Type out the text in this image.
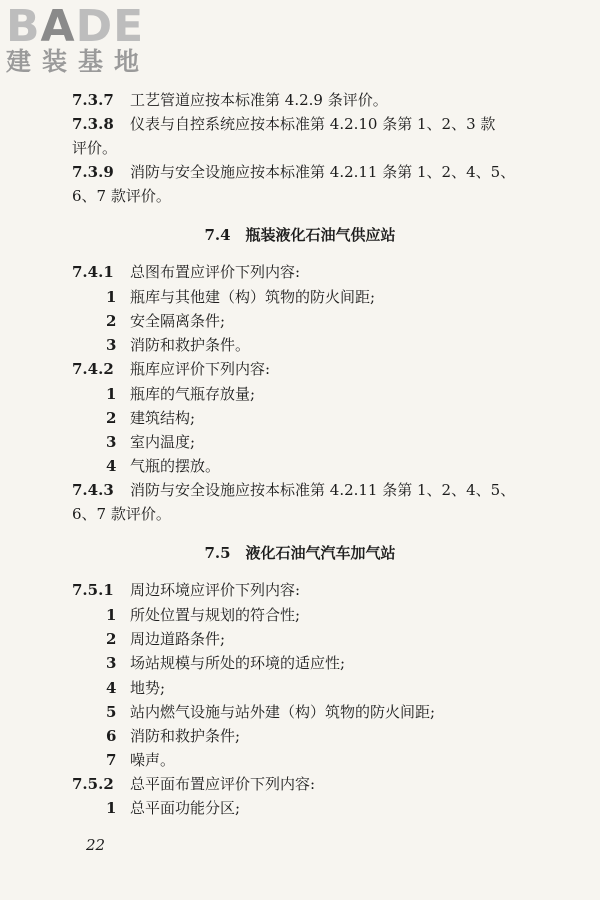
BADE
建装基地
7.3.7 工艺管道应按本标准第 4.2.9 条评价。
7.3.8 仪表与自控系统应按本标准第 4.2.10 条第 1、2、3 款
评价。
7.3.9 消防与安全设施应按本标准第 4.2.11 条第 1、2、4、5、
6、7 款评价。
7.4　瓶装液化石油气供应站
7.4.1 总图布置应评价下列内容:
1 瓶库与其他建（构）筑物的防火间距;
2 安全隔离条件;
3 消防和救护条件。
7.4.2 瓶库应评价下列内容:
1 瓶库的气瓶存放量;
2 建筑结构;
3 室内温度;
4 气瓶的摆放。
7.4.3 消防与安全设施应按本标准第 4.2.11 条第 1、2、4、5、
6、7 款评价。
7.5　液化石油气汽车加气站
7.5.1 周边环境应评价下列内容:
1 所处位置与规划的符合性;
2 周边道路条件;
3 场站规模与所处的环境的适应性;
4 地势;
5 站内燃气设施与站外建（构）筑物的防火间距;
6 消防和救护条件;
7 噪声。
7.5.2 总平面布置应评价下列内容:
1 总平面功能分区;
22
